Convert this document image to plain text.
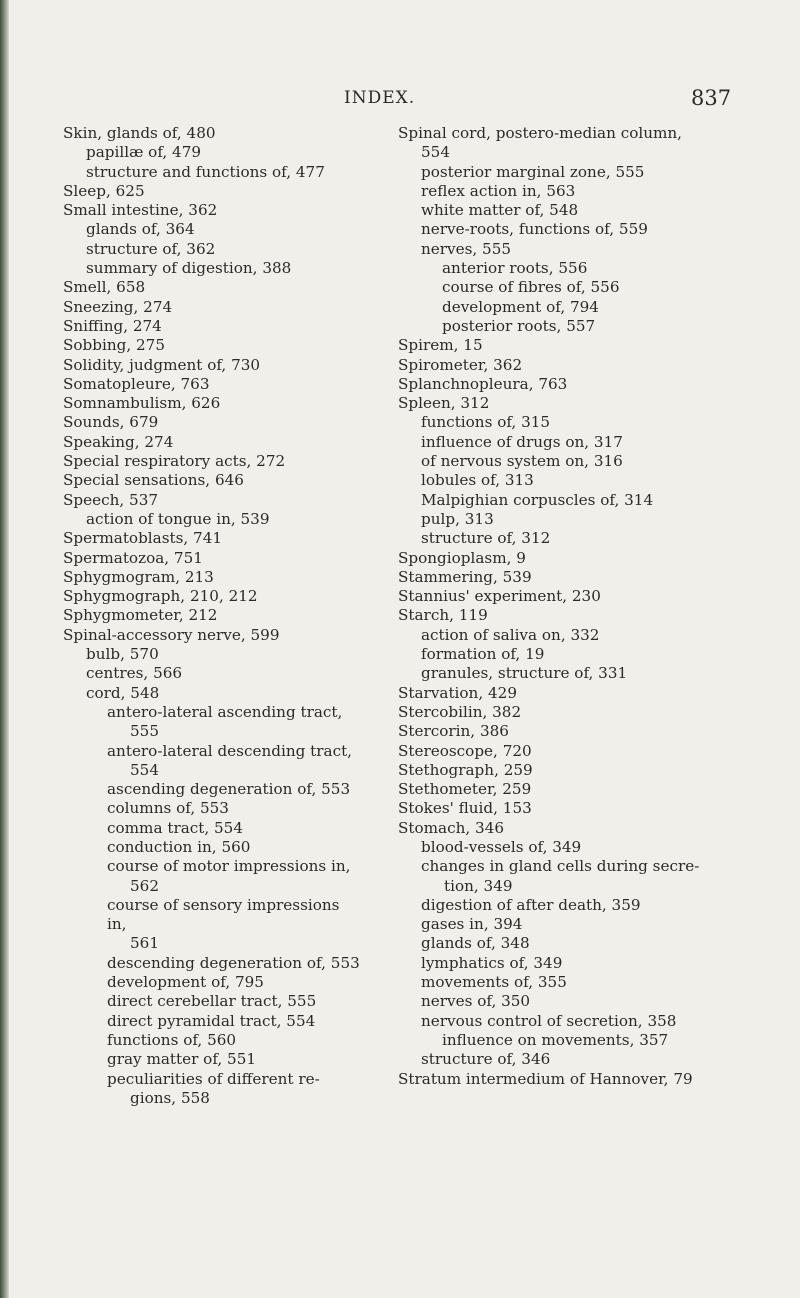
INDEX.	837
Skin, glands of, 480
papillæ of, 479
structure and functions of, 477
Sleep, 625
Small intestine, 362
glands of, 364
structure of, 362
summary of digestion, 388
Smell, 658
Sneezing, 274
Sniffing, 274
Sobbing, 275
Solidity, judgment of, 730
Somatopleure, 763
Somnambulism, 626
Sounds, 679
Speaking, 274
Special respiratory acts, 272
Special sensations, 646
Speech, 537
action of tongue in, 539
Spermatoblasts, 741
Spermatozoa, 751
Sphygmogram, 213
Sphygmograph, 210, 212
Sphygmometer, 212
Spinal-accessory nerve, 599
bulb, 570
centres, 566
cord, 548
antero-lateral ascending tract,
555
antero-lateral descending tract,
554
ascending degeneration of, 553
columns of, 553
comma tract, 554
conduction in, 560
course of motor impressions in,
562
course of sensory impressions in,
561
descending degeneration of, 553
development of, 795
direct cerebellar tract, 555
direct pyramidal tract, 554
functions of, 560
gray matter of, 551
peculiarities of different re-
gions, 558
Spinal cord, postero-median column,
554
posterior marginal zone, 555
reflex action in, 563
white matter of, 548
nerve-roots, functions of, 559
nerves, 555
anterior roots, 556
course of fibres of, 556
development of, 794
posterior roots, 557
Spirem, 15
Spirometer, 362
Splanchnopleura, 763
Spleen, 312
functions of, 315
influence of drugs on, 317
of nervous system on, 316
lobules of, 313
Malpighian corpuscles of, 314
pulp, 313
structure of, 312
Spongioplasm, 9
Stammering, 539
Stannius' experiment, 230
Starch, 119
action of saliva on, 332
formation of, 19
granules, structure of, 331
Starvation, 429
Stercobilin, 382
Stercorin, 386
Stereoscope, 720
Stethograph, 259
Stethometer, 259
Stokes' fluid, 153
Stomach, 346
blood-vessels of, 349
changes in gland cells during secre-
tion, 349
digestion of after death, 359
gases in, 394
glands of, 348
lymphatics of, 349
movements of, 355
nerves of, 350
nervous control of secretion, 358
influence on movements, 357
structure of, 346
Stratum intermedium of Hannover, 79
